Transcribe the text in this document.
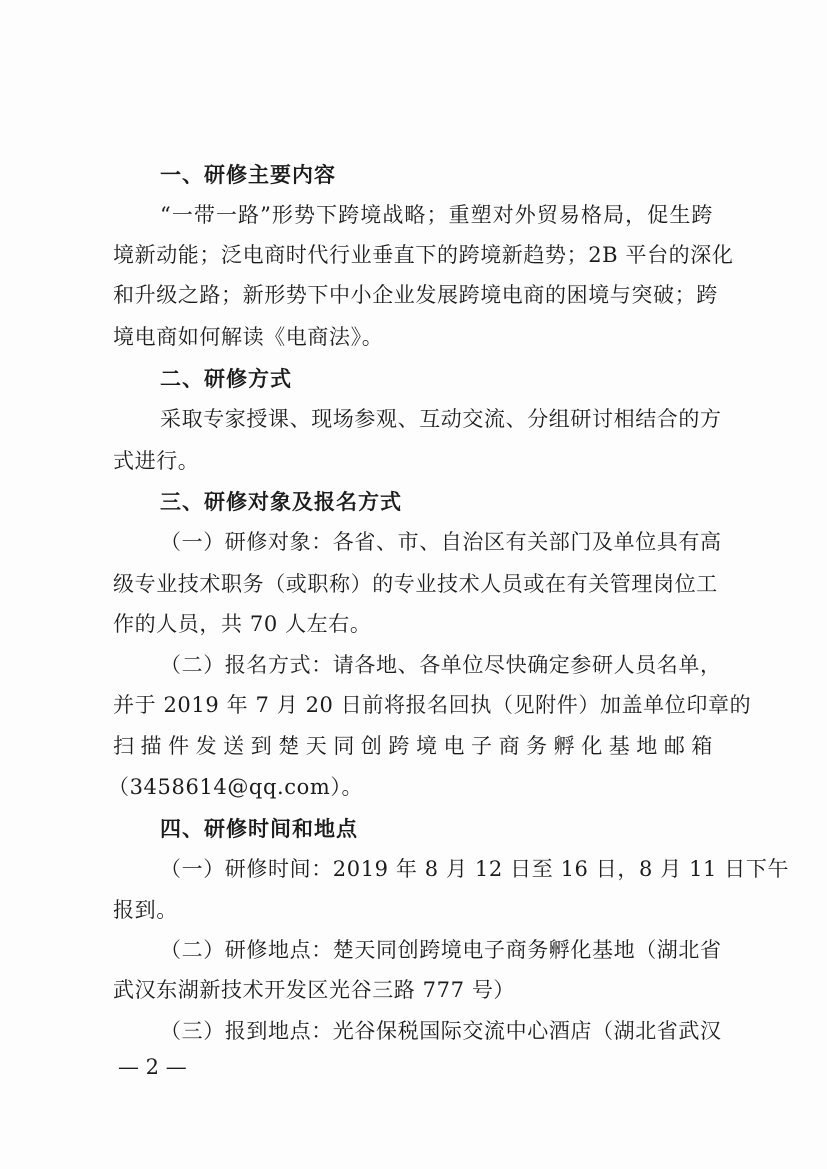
一、研修主要内容
“一带一路”形势下跨境战略；重塑对外贸易格局，促生跨
境新动能；泛电商时代行业垂直下的跨境新趋势；2B 平台的深化
和升级之路；新形势下中小企业发展跨境电商的困境与突破；跨
境电商如何解读《电商法》。
二、研修方式
采取专家授课、现场参观、互动交流、分组研讨相结合的方
式进行。
三、研修对象及报名方式
（一）研修对象：各省、市、自治区有关部门及单位具有高
级专业技术职务（或职称）的专业技术人员或在有关管理岗位工
作的人员，共 70 人左右。
（二）报名方式：请各地、各单位尽快确定参研人员名单，
并于 2019 年 7 月 20 日前将报名回执（见附件）加盖单位印章的
扫描件发送到楚天同创跨境电子商务孵化基地邮箱
（3458614@qq.com）。
四、研修时间和地点
（一）研修时间：2019 年 8 月 12 日至 16 日，8 月 11 日下午
报到。
（二）研修地点：楚天同创跨境电子商务孵化基地（湖北省
武汉东湖新技术开发区光谷三路 777 号）
（三）报到地点：光谷保税国际交流中心酒店（湖北省武汉
— 2 —
